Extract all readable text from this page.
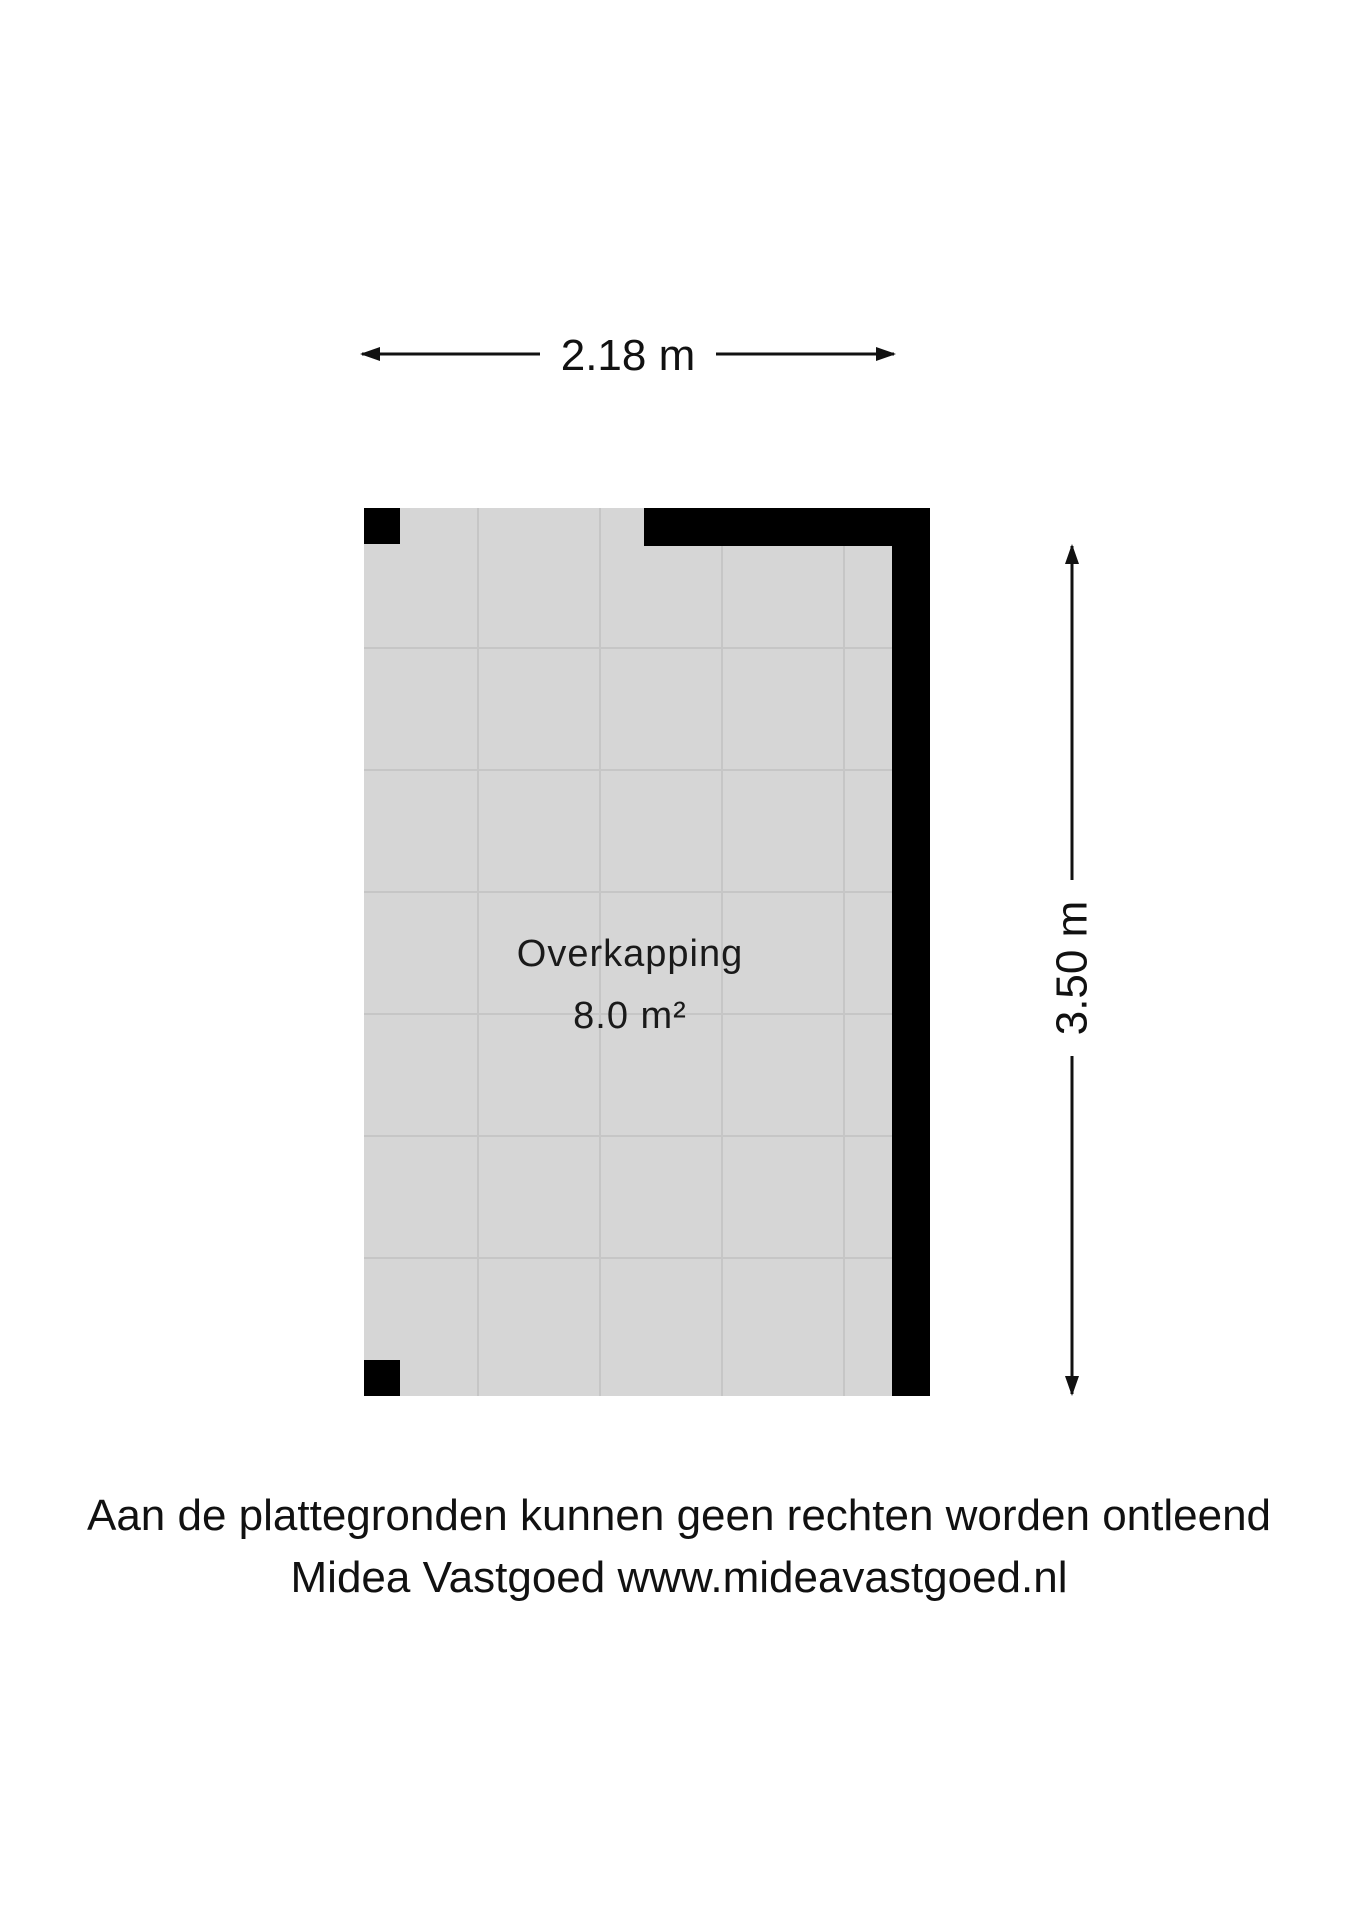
2.18 m
3.50 m
Overkapping
8.0 m²
Aan de plattegronden kunnen geen rechten worden ontleend
Midea Vastgoed www.mideavastgoed.nl
